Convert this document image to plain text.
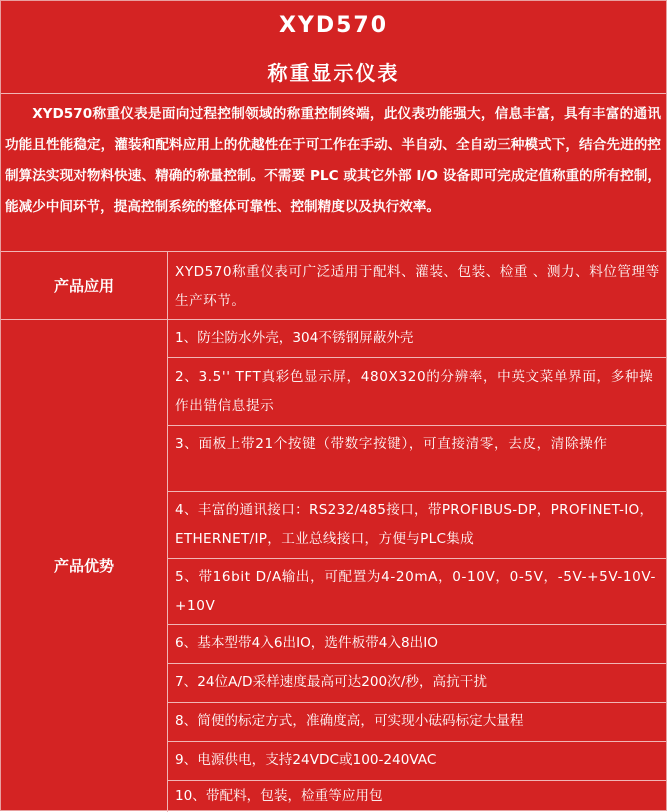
XYD570
称重显示仪表
XYD570称重仪表是面向过程控制领域的称重控制终端，此仪表功能强大，信息丰富，具有丰富的通讯功能且性能稳定，灌装和配料应用上的优越性在于可工作在手动、半自动、全自动三种模式下，结合先进的控制算法实现对物料快速、精确的称量控制。不需要 PLC 或其它外部 I/O 设备即可完成定值称重的所有控制，能减少中间环节，提高控制系统的整体可靠性、控制精度以及执行效率。
产品应用
XYD570称重仪表可广泛适用于配料、灌装、包装、检重 、测力、料位管理等生产环节。
产品优势
1、防尘防水外壳，304不锈钢屏蔽外壳
2、3.5'' TFT真彩色显示屏，480X320的分辨率，中英文菜单界面，多种操作出错信息提示
3、面板上带21个按键（带数字按键），可直接清零，去皮，清除操作
4、丰富的通讯接口：RS232/485接口，带PROFIBUS-DP，PROFINET-IO，ETHERNET/IP，工业总线接口，方便与PLC集成
5、带16bit D/A输出，可配置为4-20mA，0-10V，0-5V，-5V-+5V-10V-+10V
6、基本型带4入6出IO，选件板带4入8出IO
7、24位A/D采样速度最高可达200次/秒，高抗干扰
8、简便的标定方式，准确度高，可实现小砝码标定大量程
9、电源供电，支持24VDC或100-240VAC
10、带配料，包装，检重等应用包
